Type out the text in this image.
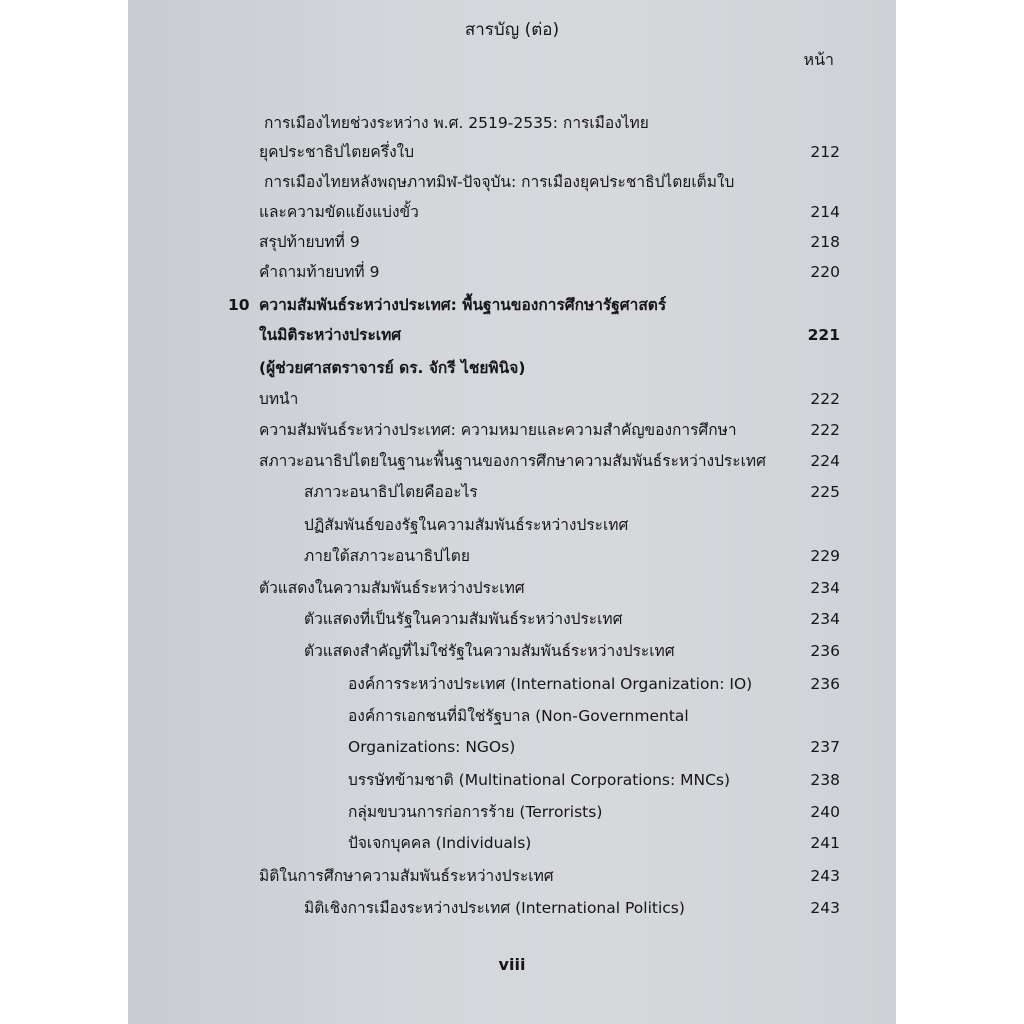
สารบัญ (ต่อ)
หน้า
การเมืองไทยช่วงระหว่าง พ.ศ. 2519-2535: การเมืองไทย
ยุคประชาธิปไตยครึ่งใบ	212
การเมืองไทยหลังพฤษภาทมิฬ-ปัจจุบัน: การเมืองยุคประชาธิปไตยเต็มใบ
และความขัดแย้งแบ่งขั้ว	214
สรุปท้ายบทที่ 9	218
คำถามท้ายบทที่ 9	220
10 ความสัมพันธ์ระหว่างประเทศ: พื้นฐานของการศึกษารัฐศาสตร์
ในมิติระหว่างประเทศ	221
(ผู้ช่วยศาสตราจารย์ ดร. จักรี ไชยพินิจ)
บทนำ	222
ความสัมพันธ์ระหว่างประเทศ: ความหมายและความสำคัญของการศึกษา	222
สภาวะอนาธิปไตยในฐานะพื้นฐานของการศึกษาความสัมพันธ์ระหว่างประเทศ	224
สภาวะอนาธิปไตยคืออะไร	225
ปฏิสัมพันธ์ของรัฐในความสัมพันธ์ระหว่างประเทศ
ภายใต้สภาวะอนาธิปไตย	229
ตัวแสดงในความสัมพันธ์ระหว่างประเทศ	234
ตัวแสดงที่เป็นรัฐในความสัมพันธ์ระหว่างประเทศ	234
ตัวแสดงสำคัญที่ไม่ใช่รัฐในความสัมพันธ์ระหว่างประเทศ	236
องค์การระหว่างประเทศ (International Organization: IO)	236
องค์การเอกชนที่มิใช่รัฐบาล (Non-Governmental
Organizations: NGOs)	237
บรรษัทข้ามชาติ (Multinational Corporations: MNCs)	238
กลุ่มขบวนการก่อการร้าย (Terrorists)	240
ปัจเจกบุคคล (Individuals)	241
มิติในการศึกษาความสัมพันธ์ระหว่างประเทศ	243
มิติเชิงการเมืองระหว่างประเทศ (International Politics)	243
viii
